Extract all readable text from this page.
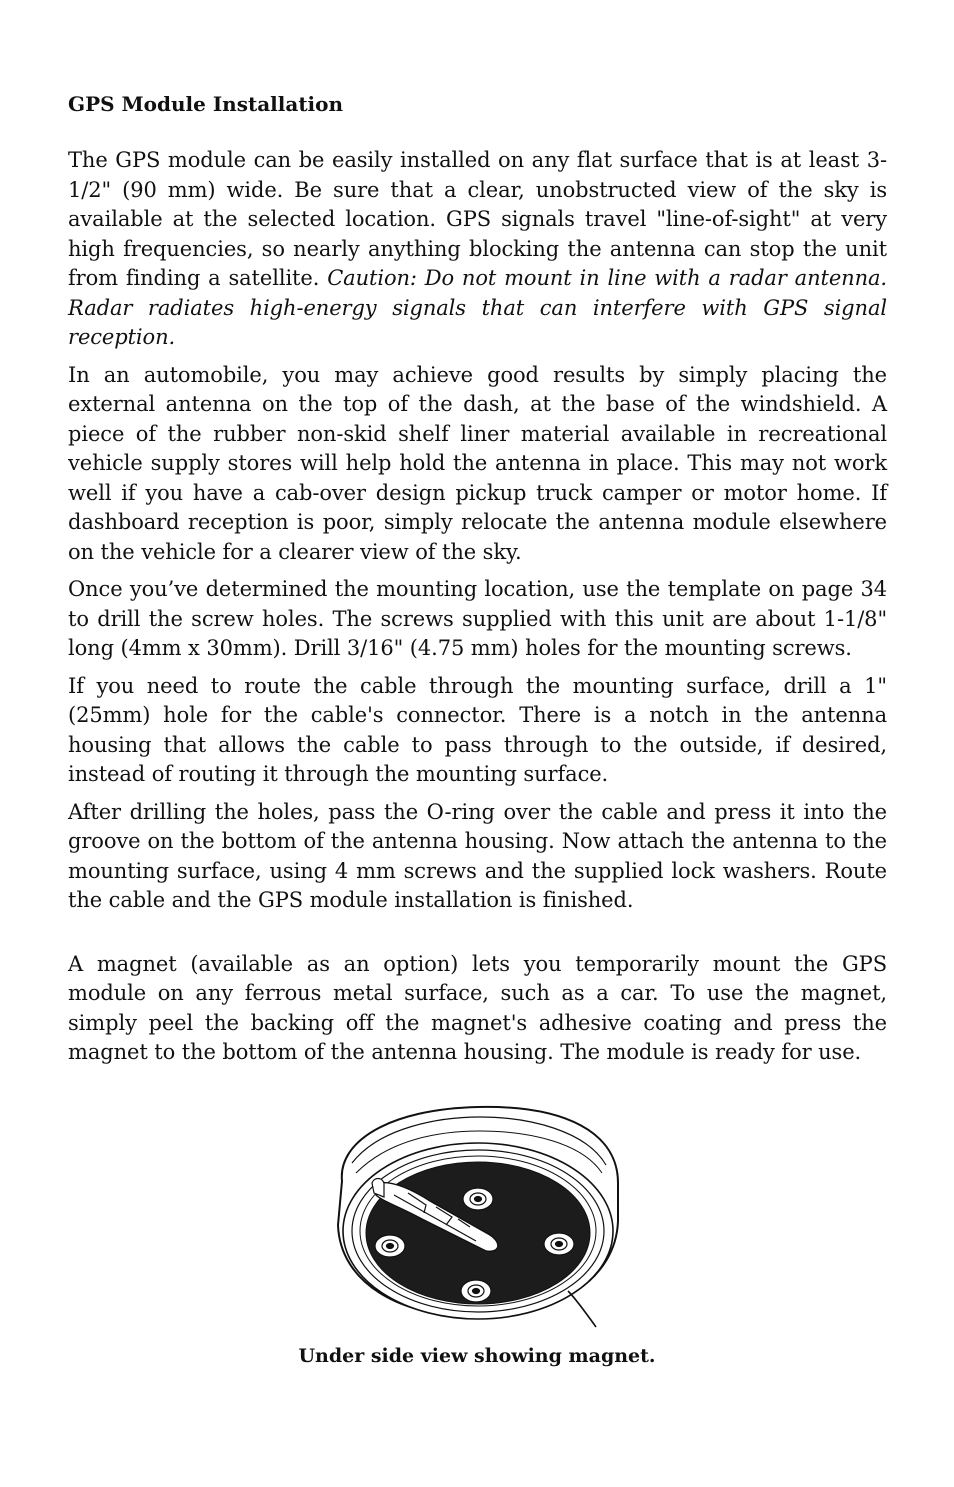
GPS Module Installation

The GPS module can be easily installed on any flat surface that is at least 3-1/2" (90 mm) wide. Be sure that a clear, unobstructed view of the sky is available at the selected location. GPS signals travel "line-of-sight" at very high frequencies, so nearly anything blocking the antenna can stop the unit from finding a satellite. Caution: Do not mount in line with a radar antenna. Radar radiates high-energy signals that can interfere with GPS signal reception.

In an automobile, you may achieve good results by simply placing the external antenna on the top of the dash, at the base of the windshield. A piece of the rubber non-skid shelf liner material available in recreational vehicle supply stores will help hold the antenna in place. This may not work well if you have a cab-over design pickup truck camper or motor home. If dashboard reception is poor, simply relocate the antenna module elsewhere on the vehicle for a clearer view of the sky.

Once you’ve determined the mounting location, use the template on page 34 to drill the screw holes. The screws supplied with this unit are about 1-1/8" long (4mm x 30mm). Drill 3/16" (4.75 mm) holes for the mounting screws.

If you need to route the cable through the mounting surface, drill a 1" (25mm) hole for the cable's connector. There is a notch in the antenna housing that allows the cable to pass through to the outside, if desired, instead of routing it through the mounting surface.

After drilling the holes, pass the O-ring over the cable and press it into the groove on the bottom of the antenna housing. Now attach the antenna to the mounting surface, using 4 mm screws and the supplied lock washers. Route the cable and the GPS module installation is finished.

A magnet (available as an option) lets you temporarily mount the GPS module on any ferrous metal surface, such as a car. To use the magnet, simply peel the backing off the magnet's adhesive coating and press the magnet to the bottom of the antenna housing. The module is ready for use.

Under side view showing magnet.
